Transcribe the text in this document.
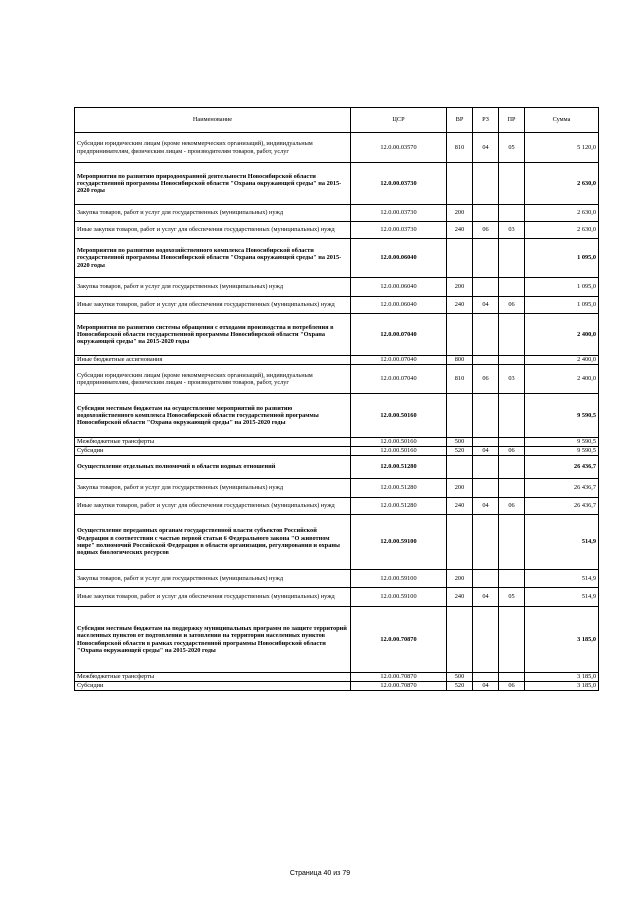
Наименование	ЦСР	ВР	РЗ	ПР	Сумма
Субсидии юридическим лицам (кроме некоммерческих организаций), индивидуальным предпринимателям, физическим лицам - производителям товаров, работ, услуг	12.0.00.03570	810	04	05	5 120,0
Мероприятия по развитию природоохранной деятельности Новосибирской области государственной программы Новосибирской области "Охрана окружающей среды" на 2015-2020 годы	12.0.00.03730				2 630,0
Закупка товаров, работ и услуг для государственных (муниципальных) нужд	12.0.00.03730	200			2 630,0
Иные закупки товаров, работ и услуг для обеспечения государственных (муниципальных) нужд	12.0.00.03730	240	06	03	2 630,0
Мероприятия по развитию водохозяйственного комплекса Новосибирской области государственной программы Новосибирской области "Охрана окружающей среды" на 2015-2020 годы	12.0.00.06040				1 095,0
Закупка товаров, работ и услуг для государственных (муниципальных) нужд	12.0.00.06040	200			1 095,0
Иные закупки товаров, работ и услуг для обеспечения государственных (муниципальных) нужд	12.0.00.06040	240	04	06	1 095,0
Мероприятия по развитию системы обращения с отходами производства и потребления в Новосибирской области государственной программы Новосибирской области "Охрана окружающей среды" на 2015-2020 годы	12.0.00.07040				2 400,0
Иные бюджетные ассигнования	12.0.00.07040	800			2 400,0
Субсидии юридическим лицам (кроме некоммерческих организаций), индивидуальным предпринимателям, физическим лицам - производителям товаров, работ, услуг	12.0.00.07040	810	06	03	2 400,0
Субсидии местным бюджетам на осуществление мероприятий по развитию водохозяйственного комплекса Новосибирской области государственной программы Новосибирской области "Охрана окружающей среды" на 2015-2020 годы	12.0.00.50160				9 590,5
Межбюджетные трансферты	12.0.00.50160	500			9 590,5
Субсидии	12.0.00.50160	520	04	06	9 590,5
Осуществление отдельных полномочий в области водных отношений	12.0.00.51280				26 436,7
Закупка товаров, работ и услуг для государственных (муниципальных) нужд	12.0.00.51280	200			26 436,7
Иные закупки товаров, работ и услуг для обеспечения государственных (муниципальных) нужд	12.0.00.51280	240	04	06	26 436,7
Осуществление переданных органам государственной власти субъектов Российской Федерации в соответствии с частью первой статьи 6 Федерального закона "О животном мире" полномочий Российской Федерации в области организации, регулирования и охраны водных биологических ресурсов	12.0.00.59100				514,9
Закупка товаров, работ и услуг для государственных (муниципальных) нужд	12.0.00.59100	200			514,9
Иные закупки товаров, работ и услуг для обеспечения государственных (муниципальных) нужд	12.0.00.59100	240	04	05	514,9
Субсидии местным бюджетам на поддержку муниципальных программ по защите территорий населенных пунктов от подтопления и затопления на территории населенных пунктов Новосибирской области в рамках государственной программы Новосибирской области "Охрана окружающей среды" на 2015-2020 годы	12.0.00.70870				3 185,0
Межбюджетные трансферты	12.0.00.70870	500			3 185,0
Субсидии	12.0.00.70870	520	04	06	3 185,0
Страница 40 из 79
